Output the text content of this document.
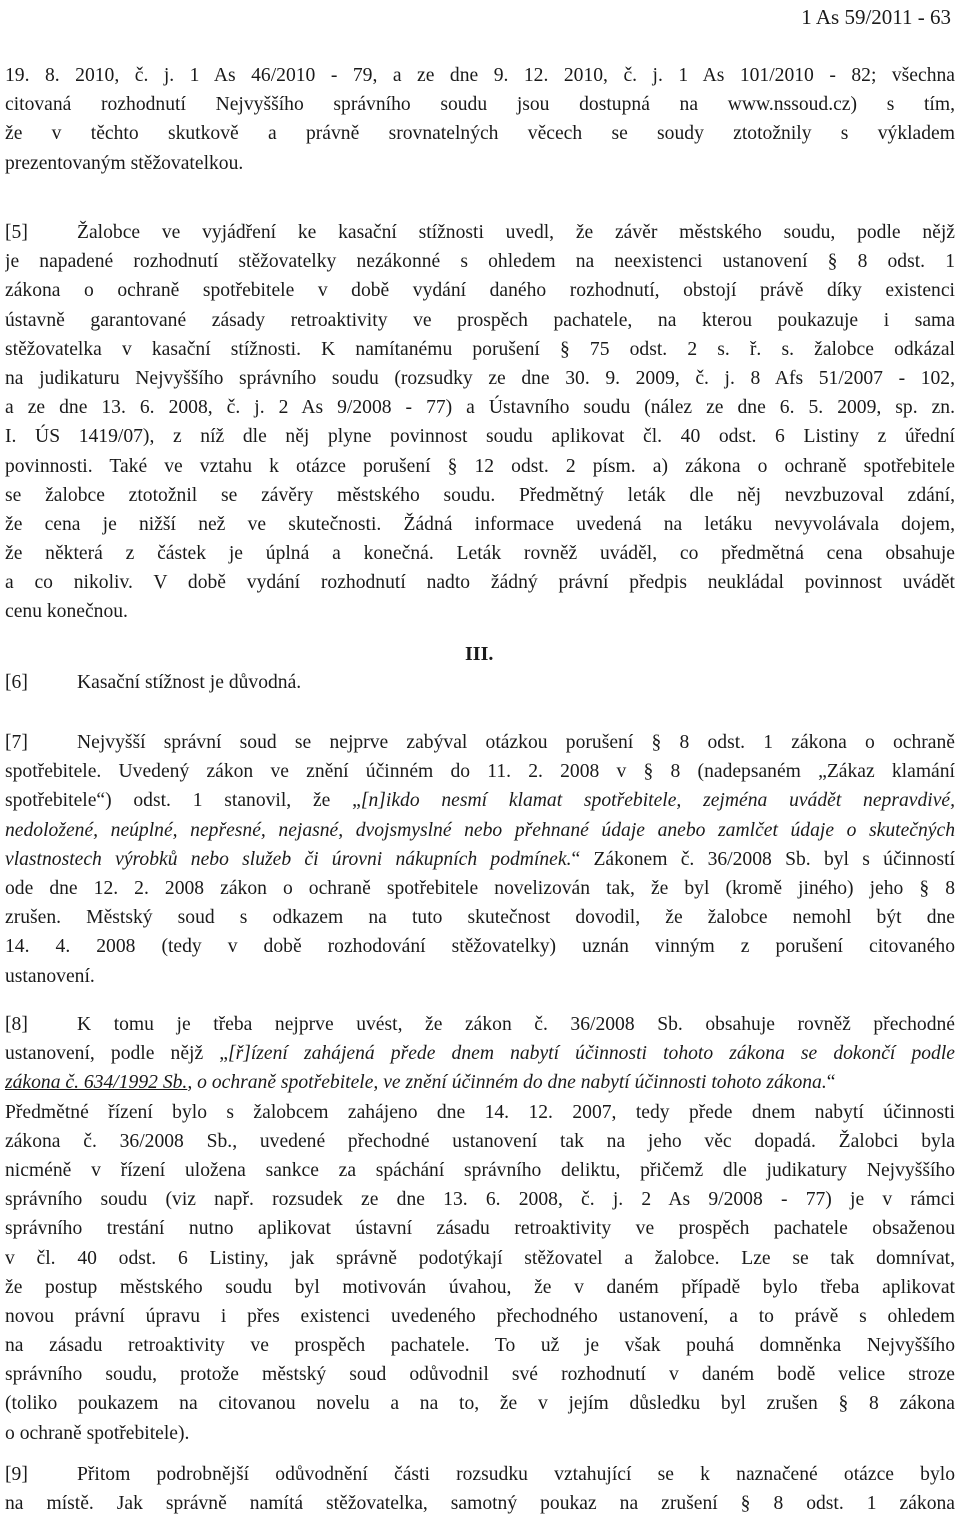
1 As 59/2011 - 63
19. 8. 2010, č. j. 1 As 46/2010 - 79, a ze dne 9. 12. 2010, č. j. 1 As 101/2010 - 82; všechna
citovaná rozhodnutí Nejvyššího správního soudu jsou dostupná na www.nssoud.cz) s tím,
že v těchto skutkově a právně srovnatelných věcech se soudy ztotožnily s výkladem
prezentovaným stěžovatelkou.
[5]	Žalobce ve vyjádření ke kasační stížnosti uvedl, že závěr městského soudu, podle nějž
je napadené rozhodnutí stěžovatelky nezákonné s ohledem na neexistenci ustanovení § 8 odst. 1
zákona o ochraně spotřebitele v době vydání daného rozhodnutí, obstojí právě díky existenci
ústavně garantované zásady retroaktivity ve prospěch pachatele, na kterou poukazuje i sama
stěžovatelka v kasační stížnosti. K namítanému porušení § 75 odst. 2 s. ř. s. žalobce odkázal
na judikaturu Nejvyššího správního soudu (rozsudky ze dne 30. 9. 2009, č. j. 8 Afs 51/2007 - 102,
a ze dne 13. 6. 2008, č. j. 2 As 9/2008 - 77) a Ústavního soudu (nález ze dne 6. 5. 2009, sp. zn.
I. ÚS 1419/07), z níž dle něj plyne povinnost soudu aplikovat čl. 40 odst. 6 Listiny z úřední
povinnosti. Také ve vztahu k otázce porušení § 12 odst. 2 písm. a) zákona o ochraně spotřebitele
se žalobce ztotožnil se závěry městského soudu. Předmětný leták dle něj nevzbuzoval zdání,
že cena je nižší než ve skutečnosti. Žádná informace uvedená na letáku nevyvolávala dojem,
že některá z částek je úplná a konečná. Leták rovněž uváděl, co předmětná cena obsahuje
a co nikoliv. V době vydání rozhodnutí nadto žádný právní předpis neukládal povinnost uvádět
cenu konečnou.
III.
[6]	Kasační stížnost je důvodná.
[7]	Nejvyšší správní soud se nejprve zabýval otázkou porušení § 8 odst. 1 zákona o ochraně
spotřebitele. Uvedený zákon ve znění účinném do 11. 2. 2008 v § 8 (nadepsaném „Zákaz klamání
spotřebitele“) odst. 1 stanovil, že „[n]ikdo nesmí klamat spotřebitele, zejména uvádět nepravdivé,
nedoložené, neúplné, nepřesné, nejasné, dvojsmyslné nebo přehnané údaje anebo zamlčet údaje o skutečných
vlastnostech výrobků nebo služeb či úrovni nákupních podmínek.“ Zákonem č. 36/2008 Sb. byl s účinností
ode dne 12. 2. 2008 zákon o ochraně spotřebitele novelizován tak, že byl (kromě jiného) jeho § 8
zrušen. Městský soud s odkazem na tuto skutečnost dovodil, že žalobce nemohl být dne
14. 4. 2008 (tedy v době rozhodování stěžovatelky) uznán vinným z porušení citovaného
ustanovení.
[8]	K tomu je třeba nejprve uvést, že zákon č. 36/2008 Sb. obsahuje rovněž přechodné
ustanovení, podle nějž „[ř]ízení zahájená přede dnem nabytí účinnosti tohoto zákona se dokončí podle
zákona č. 634/1992 Sb., o ochraně spotřebitele, ve znění účinném do dne nabytí účinnosti tohoto zákona.“
Předmětné řízení bylo s žalobcem zahájeno dne 14. 12. 2007, tedy přede dnem nabytí účinnosti
zákona č. 36/2008 Sb., uvedené přechodné ustanovení tak na jeho věc dopadá. Žalobci byla
nicméně v řízení uložena sankce za spáchání správního deliktu, přičemž dle judikatury Nejvyššího
správního soudu (viz např. rozsudek ze dne 13. 6. 2008, č. j. 2 As 9/2008 - 77) je v rámci
správního trestání nutno aplikovat ústavní zásadu retroaktivity ve prospěch pachatele obsaženou
v čl. 40 odst. 6 Listiny, jak správně podotýkají stěžovatel a žalobce. Lze se tak domnívat,
že postup městského soudu byl motivován úvahou, že v daném případě bylo třeba aplikovat
novou právní úpravu i přes existenci uvedeného přechodného ustanovení, a to právě s ohledem
na zásadu retroaktivity ve prospěch pachatele. To už je však pouhá domněnka Nejvyššího
správního soudu, protože městský soud odůvodnil své rozhodnutí v daném bodě velice stroze
(toliko poukazem na citovanou novelu a na to, že v jejím důsledku byl zrušen § 8 zákona
o ochraně spotřebitele).
[9]	Přitom podrobnější odůvodnění části rozsudku vztahující se k naznačené otázce bylo
na místě. Jak správně namítá stěžovatelka, samotný poukaz na zrušení § 8 odst. 1 zákona
